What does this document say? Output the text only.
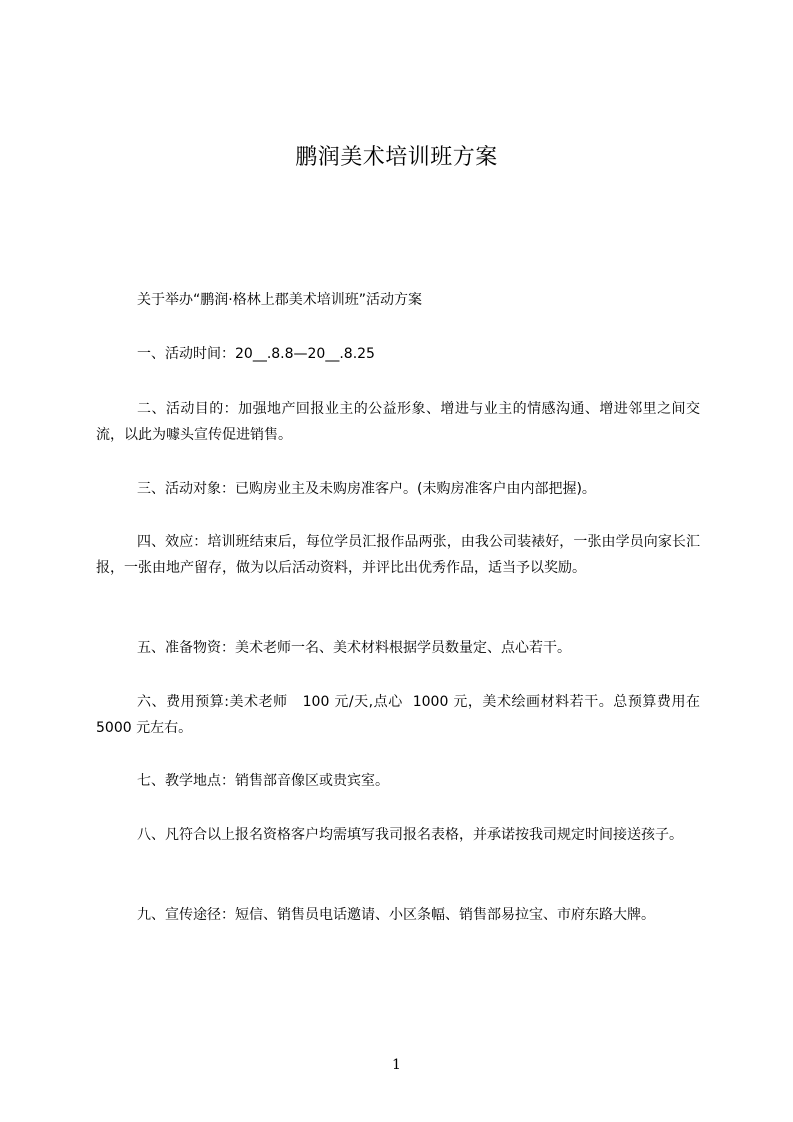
鹏润美术培训班方案

关于举办“鹏润·格林上郡美术培训班”活动方案

一、活动时间：20__.8.8—20__.8.25

二、活动目的：加强地产回报业主的公益形象、增进与业主的情感沟通、增进邻里之间交流，以此为噱头宣传促进销售。

三、活动对象：已购房业主及未购房准客户。(未购房准客户由内部把握)。

四、效应：培训班结束后，每位学员汇报作品两张，由我公司装裱好，一张由学员向家长汇报，一张由地产留存，做为以后活动资料，并评比出优秀作品，适当予以奖励。

五、准备物资：美术老师一名、美术材料根据学员数量定、点心若干。

六、费用预算:美术老师   100 元/天,点心  1000 元，美术绘画材料若干。总预算费用在 5000 元左右。

七、教学地点：销售部音像区或贵宾室。

八、凡符合以上报名资格客户均需填写我司报名表格，并承诺按我司规定时间接送孩子。

九、宣传途径：短信、销售员电话邀请、小区条幅、销售部易拉宝、市府东路大牌。

1
